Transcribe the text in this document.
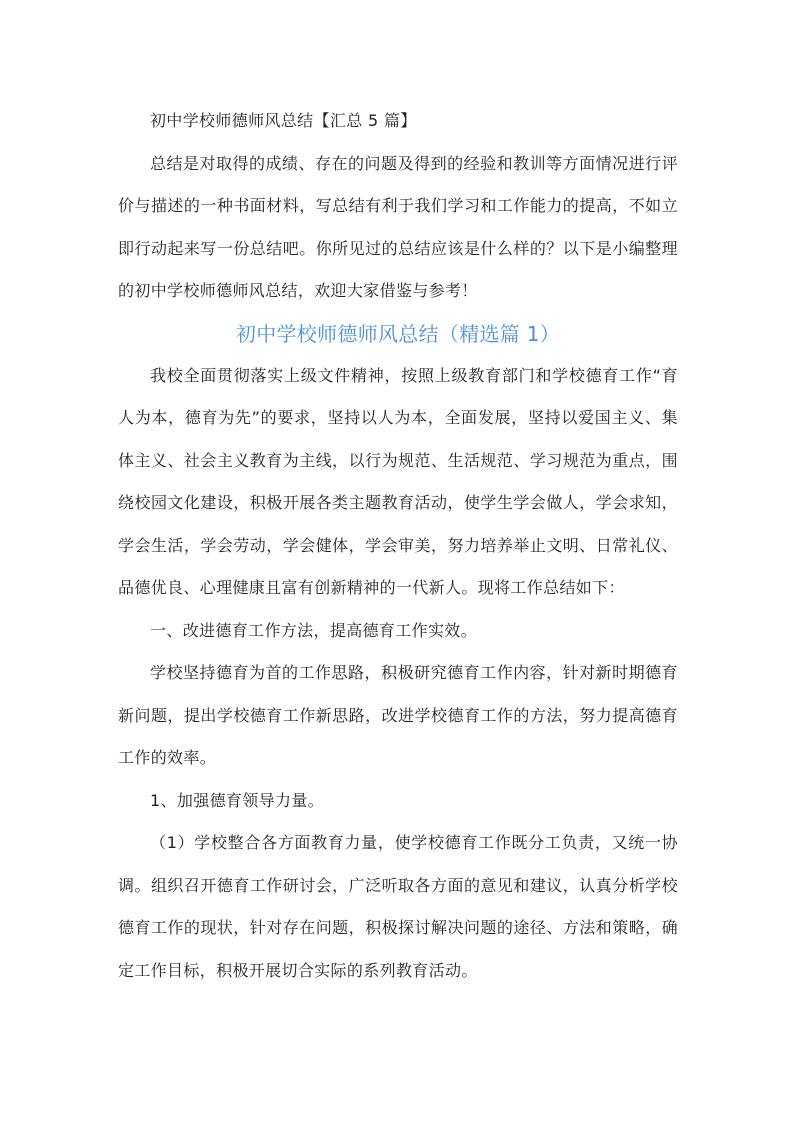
初中学校师德师风总结【汇总 5 篇】

总结是对取得的成绩、存在的问题及得到的经验和教训等方面情况进行评价与描述的一种书面材料，写总结有利于我们学习和工作能力的提高，不如立即行动起来写一份总结吧。你所见过的总结应该是什么样的？以下是小编整理的初中学校师德师风总结，欢迎大家借鉴与参考！

初中学校师德师风总结（精选篇 1）

我校全面贯彻落实上级文件精神，按照上级教育部门和学校德育工作“育人为本，德育为先”的要求，坚持以人为本，全面发展，坚持以爱国主义、集体主义、社会主义教育为主线，以行为规范、生活规范、学习规范为重点，围绕校园文化建设，积极开展各类主题教育活动，使学生学会做人，学会求知，学会生活，学会劳动，学会健体，学会审美，努力培养举止文明、日常礼仪、品德优良、心理健康且富有创新精神的一代新人。现将工作总结如下：

一、改进德育工作方法，提高德育工作实效。

学校坚持德育为首的工作思路，积极研究德育工作内容，针对新时期德育新问题，提出学校德育工作新思路，改进学校德育工作的方法，努力提高德育工作的效率。

1、加强德育领导力量。

（1）学校整合各方面教育力量，使学校德育工作既分工负责，又统一协调。组织召开德育工作研讨会，广泛听取各方面的意见和建议，认真分析学校德育工作的现状，针对存在问题，积极探讨解决问题的途径、方法和策略，确定工作目标，积极开展切合实际的系列教育活动。
